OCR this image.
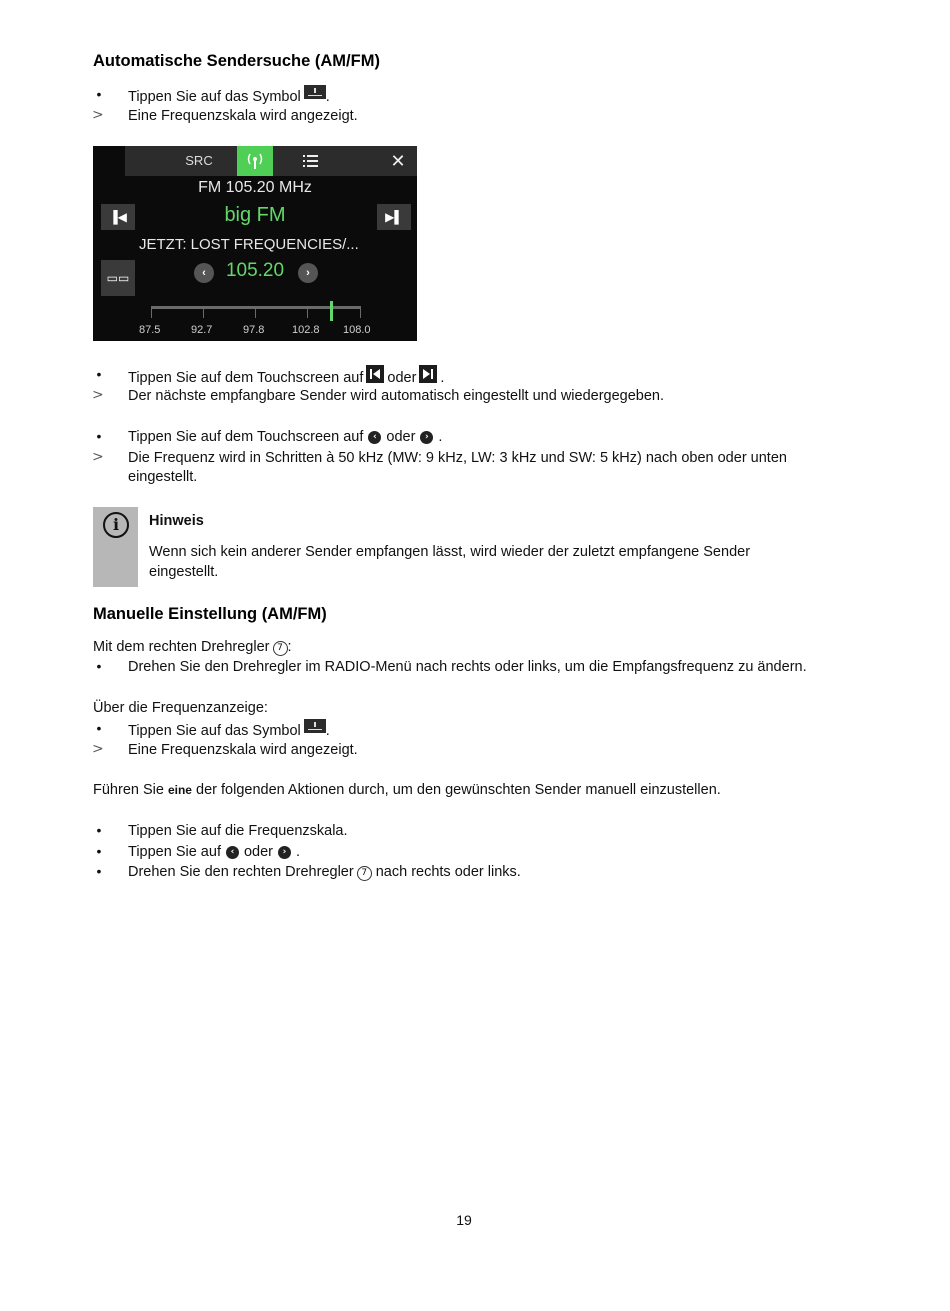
Automatische Sendersuche (AM/FM)
• Tippen Sie auf das Symbol .
> Eine Frequenzskala wird angezeigt.
SRC	✕
FM 105.20 MHz
▐◀	big FM	▶▌
JETZT: LOST FREQUENCIES/...
▭▭	‹	105.20	›
87.5	92.7	97.8	102.8 108.0
• Tippen Sie auf dem Touchscreen auf oder .
> Der nächste empfangbare Sender wird automatisch eingestellt und wiedergegeben.
• Tippen Sie auf dem Touchscreen auf ‹ oder › .
> Die Frequenz wird in Schritten à 50 kHz (MW: 9 kHz, LW: 3 kHz und SW: 5 kHz) nach oben oder unten
eingestellt.
i	Hinweis
Wenn sich kein anderer Sender empfangen lässt, wird wieder der zuletzt empfangene Sender
eingestellt.
Manuelle Einstellung (AM/FM)
Mit dem rechten Drehregler 7 :
• Drehen Sie den Drehregler im RADIO-Menü nach rechts oder links, um die Empfangsfrequenz zu ändern.
Über die Frequenzanzeige:
• Tippen Sie auf das Symbol .
> Eine Frequenzskala wird angezeigt.
Führen Sie eine der folgenden Aktionen durch, um den gewünschten Sender manuell einzustellen.
• Tippen Sie auf die Frequenzskala.
• Tippen Sie auf ‹ oder › .
• Drehen Sie den rechten Drehregler 7 nach rechts oder links.
19
